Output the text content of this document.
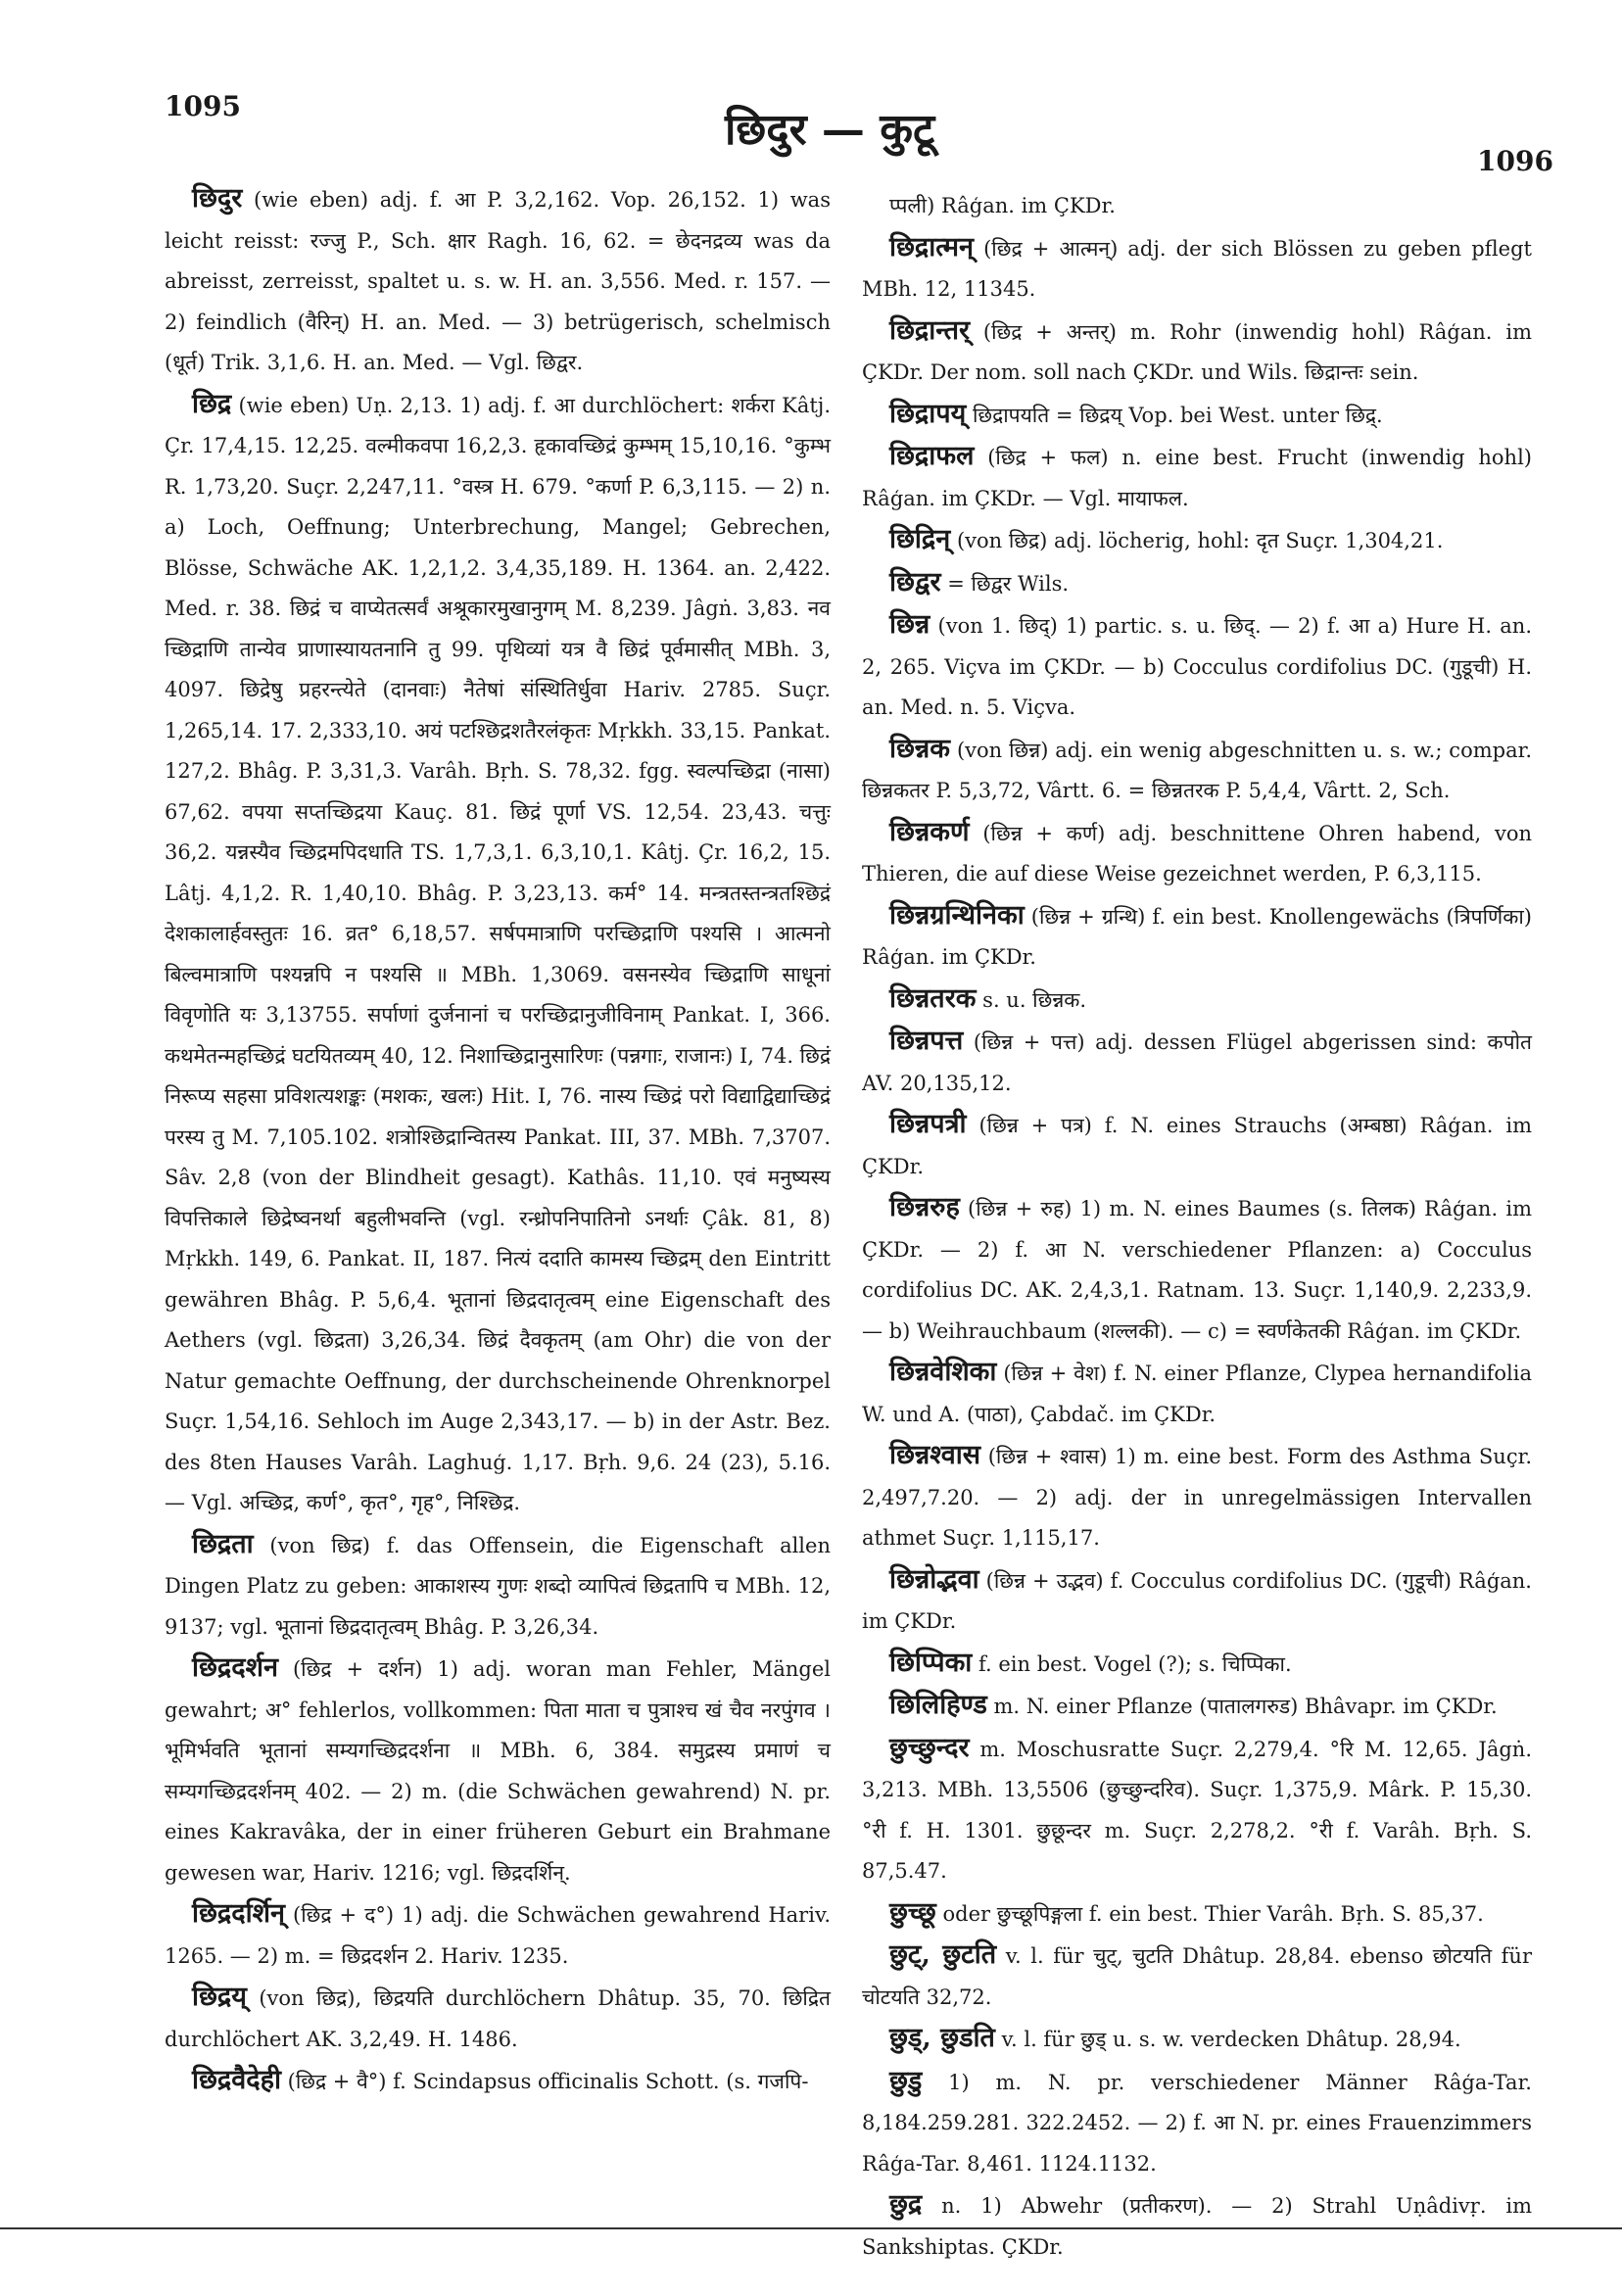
1095	छिदुर — कुटू
1096

छिदुर (wie eben) adj. f. आ P. 3,2,162. Vop. 26,152. 1) was leicht reisst: रज्जु P., Sch. क्षार Ragh. 16, 62. = छेदनद्रव्य was da abreisst, zerreisst, spaltet u. s. w. H. an. 3,556. Med. r. 157. — 2) feindlich (वैरिन्) H. an. Med. — 3) betrügerisch, schelmisch (धूर्त) Trik. 3,1,6. H. an. Med. — Vgl. छिद्वर.

छिद्र (wie eben) Uṇ. 2,13. 1) adj. f. आ durchlöchert: शर्करा Kâtj. Çr. 17,4,15. 12,25. वल्मीकवपा 16,2,3. हृकावच्छिद्रं कुम्भम् 15,10,16. °कुम्भ R. 1,73,20. Suçr. 2,247,11. °वस्त्र H. 679. °कर्णा P. 6,3,115. — 2) n. a) Loch, Oeffnung; Unterbrechung, Mangel; Gebrechen, Blösse, Schwäche AK. 1,2,1,2. 3,4,35,189. H. 1364. an. 2,422. Med. r. 38. छिद्रं च वाप्येतत्सर्वं अश्रूकारमुखानुगम् M. 8,239. Jâgṅ. 3,83. नव च्छिद्राणि तान्येव प्राणास्यायतनानि तु 99. पृथिव्यां यत्र वै छिद्रं पूर्वमासीत् MBh. 3, 4097. छिद्रेषु प्रहरन्त्येते (दानवाः) नैतेषां संस्थितिर्धुवा Hariv. 2785. Suçr. 1,265,14. 17. 2,333,10. अयं पटश्छिद्रशतैरलंकृतः Mṛkkh. 33,15. Pankat. 127,2. Bhâg. P. 3,31,3. Varâh. Bṛh. S. 78,32. fgg. स्वल्पच्छिद्रा (नासा) 67,62. वपया सप्तच्छिद्रया Kauç. 81. छिद्रं पूर्णा VS. 12,54. 23,43. चत्तुः 36,2. यन्नस्यैव च्छिद्रमपिदधाति TS. 1,7,3,1. 6,3,10,1. Kâtj. Çr. 16,2, 15. Lâtj. 4,1,2. R. 1,40,10. Bhâg. P. 3,23,13. कर्म° 14. मन्त्रतस्तन्त्रतश्छिद्रं देशकालार्हवस्तुतः 16. व्रत° 6,18,57. सर्षपमात्राणि परच्छिद्राणि पश्यसि । आत्मनो बिल्वमात्राणि पश्यन्नपि न पश्यसि ॥ MBh. 1,3069. वसनस्येव च्छिद्राणि साधूनां विवृणोति यः 3,13755. सर्पाणां दुर्जनानां च परच्छिद्रानुजीविनाम् Pankat. I, 366. कथमेतन्महच्छिद्रं घटयितव्यम् 40, 12. निशाच्छिद्रानुसारिणः (पन्नगाः, राजानः) I, 74. छिद्रं निरूप्य सहसा प्रविशत्यशङ्कः (मशकः, खलः) Hit. I, 76. नास्य च्छिद्रं परो विद्याद्विद्याच्छिद्रं परस्य तु M. 7,105.102. शत्रोश्छिद्रान्वितस्य Pankat. III, 37. MBh. 7,3707. Sâv. 2,8 (von der Blindheit gesagt). Kathâs. 11,10. एवं मनुष्यस्य विपत्तिकाले छिद्रेष्वनर्था बहुलीभवन्ति (vgl. रन्ध्रोपनिपातिनो ऽनर्थाः Çâk. 81, 8) Mṛkkh. 149, 6. Pankat. II, 187. नित्यं ददाति कामस्य च्छिद्रम् den Eintritt gewähren Bhâg. P. 5,6,4. भूतानां छिद्रदातृत्वम् eine Eigenschaft des Aethers (vgl. छिद्रता) 3,26,34. छिद्रं दैवकृतम् (am Ohr) die von der Natur gemachte Oeffnung, der durchscheinende Ohrenknorpel Suçr. 1,54,16. Sehloch im Auge 2,343,17. — b) in der Astr. Bez. des 8ten Hauses Varâh. Laghuģ. 1,17. Bṛh. 9,6. 24 (23), 5.16. — Vgl. अच्छिद्र, कर्ण°, कृत°, गृह°, निश्छिद्र.

छिद्रता (von छिद्र) f. das Offensein, die Eigenschaft allen Dingen Platz zu geben: आकाशस्य गुणः शब्दो व्यापित्वं छिद्रतापि च MBh. 12, 9137; vgl. भूतानां छिद्रदातृत्वम् Bhâg. P. 3,26,34.

छिद्रदर्शन (छिद्र + दर्शन) 1) adj. woran man Fehler, Mängel gewahrt; अ° fehlerlos, vollkommen: पिता माता च पुत्राश्च खं चैव नरपुंगव । भूमिर्भवति भूतानां सम्यगच्छिद्रदर्शना ॥ MBh. 6, 384. समुद्रस्य प्रमाणं च सम्यगच्छिद्रदर्शनम् 402. — 2) m. (die Schwächen gewahrend) N. pr. eines Kakravâka, der in einer früheren Geburt ein Brahmane gewesen war, Hariv. 1216; vgl. छिद्रदर्शिन्.

छिद्रदर्शिन् (छिद्र + द°) 1) adj. die Schwächen gewahrend Hariv. 1265. — 2) m. = छिद्रदर्शन 2. Hariv. 1235.

छिद्रय् (von छिद्र), छिद्रयति durchlöchern Dhâtup. 35, 70. छिद्रित durchlöchert AK. 3,2,49. H. 1486.

छिद्रवैदेही (छिद्र + वै°) f. Scindapsus officinalis Schott. (s. गजपि-

प्पली) Râģan. im ÇKDr.

छिद्रात्मन् (छिद्र + आत्मन्) adj. der sich Blössen zu geben pflegt MBh. 12, 11345.

छिद्रान्तर् (छिद्र + अन्तर्) m. Rohr (inwendig hohl) Râģan. im ÇKDr. Der nom. soll nach ÇKDr. und Wils. छिद्रान्तः sein.

छिद्रापय् छिद्रापयति = छिद्रय् Vop. bei West. unter छिद्र्.

छिद्राफल (छिद्र + फल) n. eine best. Frucht (inwendig hohl) Râģan. im ÇKDr. — Vgl. मायाफल.

छिद्रिन् (von छिद्र) adj. löcherig, hohl: दृत Suçr. 1,304,21.

छिद्वर = छिद्वर Wils.

छिन्न (von 1. छिद्) 1) partic. s. u. छिद्. — 2) f. आ a) Hure H. an. 2, 265. Viçva im ÇKDr. — b) Cocculus cordifolius DC. (गुडूची) H. an. Med. n. 5. Viçva.

छिन्नक (von छिन्न) adj. ein wenig abgeschnitten u. s. w.; compar. छिन्नकतर P. 5,3,72, Vârtt. 6. = छिन्नतरक P. 5,4,4, Vârtt. 2, Sch.

छिन्नकर्ण (छिन्न + कर्ण) adj. beschnittene Ohren habend, von Thieren, die auf diese Weise gezeichnet werden, P. 6,3,115.

छिन्नग्रन्थिनिका (छिन्न + ग्रन्थि) f. ein best. Knollengewächs (त्रिपर्णिका) Râģan. im ÇKDr.

छिन्नतरक s. u. छिन्नक.

छिन्नपत्त (छिन्न + पत्त) adj. dessen Flügel abgerissen sind: कपोत AV. 20,135,12.

छिन्नपत्री (छिन्न + पत्र) f. N. eines Strauchs (अम्बष्ठा) Râģan. im ÇKDr.

छिन्नरुह (छिन्न + रुह) 1) m. N. eines Baumes (s. तिलक) Râģan. im ÇKDr. — 2) f. आ N. verschiedener Pflanzen: a) Cocculus cordifolius DC. AK. 2,4,3,1. Ratnam. 13. Suçr. 1,140,9. 2,233,9. — b) Weihrauchbaum (शल्लकी). — c) = स्वर्णकेतकी Râģan. im ÇKDr.

छिन्नवेशिका (छिन्न + वेश) f. N. einer Pflanze, Clypea hernandifolia W. und A. (पाठा), Çabdač. im ÇKDr.

छिन्नश्वास (छिन्न + श्वास) 1) m. eine best. Form des Asthma Suçr. 2,497,7.20. — 2) adj. der in unregelmässigen Intervallen athmet Suçr. 1,115,17.

छिन्नोद्भवा (छिन्न + उद्भव) f. Cocculus cordifolius DC. (गुडूची) Râģan. im ÇKDr.

छिप्पिका f. ein best. Vogel (?); s. चिप्पिका.

छिलिहिण्ड m. N. einer Pflanze (पातालगरुड) Bhâvapr. im ÇKDr.

छुच्छुन्दर m. Moschusratte Suçr. 2,279,4. °रि M. 12,65. Jâgṅ. 3,213. MBh. 13,5506 (छुच्छुन्दरिव). Suçr. 1,375,9. Mârk. P. 15,30. °री f. H. 1301. छुछून्दर m. Suçr. 2,278,2. °री f. Varâh. Bṛh. S. 87,5.47.

छुच्छू oder छुच्छूपिङ्गला f. ein best. Thier Varâh. Bṛh. S. 85,37.

छुट्, छुटति v. l. für चुट्, चुटति Dhâtup. 28,84. ebenso छोटयति für चोटयति 32,72.

छुड्, छुडति v. l. für छुड् u. s. w. verdecken Dhâtup. 28,94.

छुडु 1) m. N. pr. verschiedener Männer Râģa-Tar. 8,184.259.281. 322.2452. — 2) f. आ N. pr. eines Frauenzimmers Râģa-Tar. 8,461. 1124.1132.

छुद्र n. 1) Abwehr (प्रतीकरण). — 2) Strahl Uṇâdivṛ. im Sankshiptas. ÇKDr.
